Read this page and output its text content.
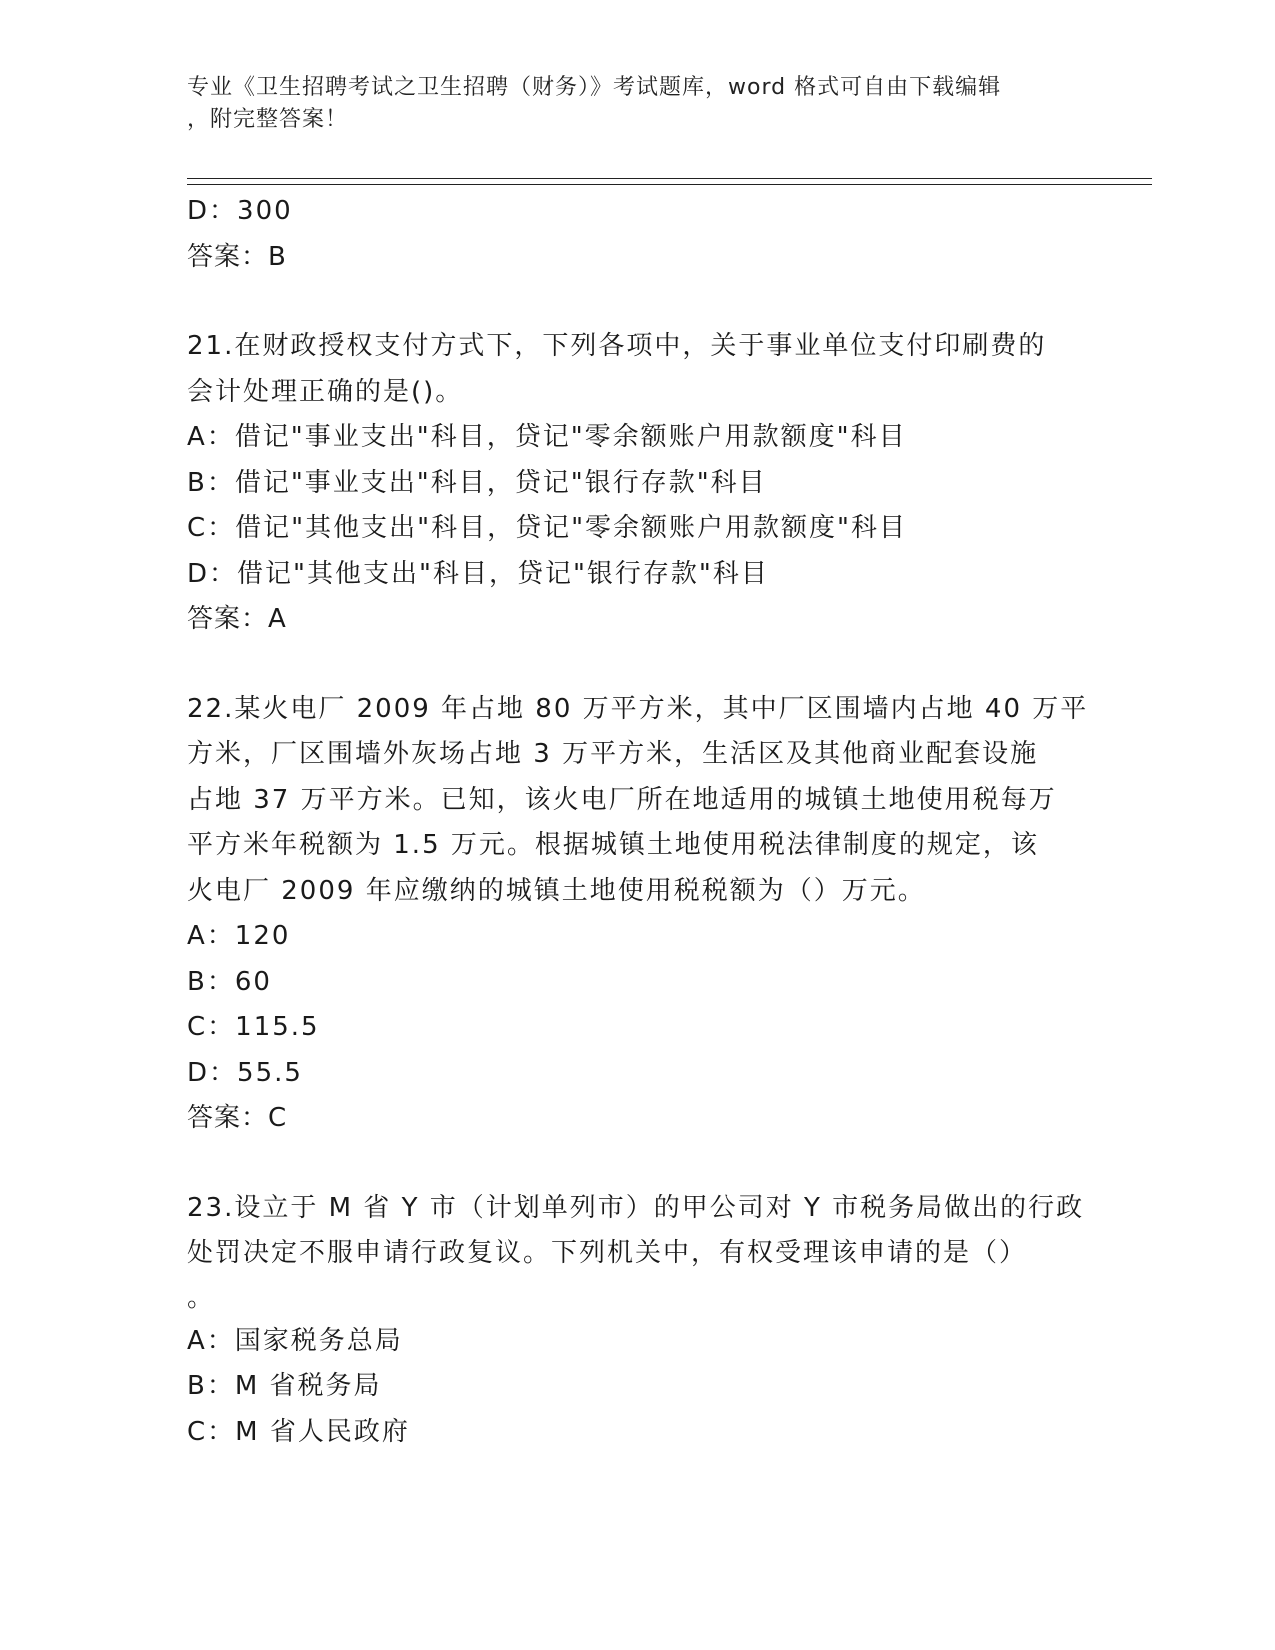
专业《卫生招聘考试之卫生招聘（财务）》考试题库，word 格式可自由下载编辑
，附完整答案！
D：300
答案：B
21.在财政授权支付方式下，下列各项中，关于事业单位支付印刷费的
会计处理正确的是()。
A：借记"事业支出"科目，贷记"零余额账户用款额度"科目
B：借记"事业支出"科目，贷记"银行存款"科目
C：借记"其他支出"科目，贷记"零余额账户用款额度"科目
D：借记"其他支出"科目，贷记"银行存款"科目
答案：A
22.某火电厂 2009 年占地 80 万平方米，其中厂区围墙内占地 40 万平
方米，厂区围墙外灰场占地 3 万平方米，生活区及其他商业配套设施
占地 37 万平方米。已知，该火电厂所在地适用的城镇土地使用税每万
平方米年税额为 1.5 万元。根据城镇土地使用税法律制度的规定，该
火电厂 2009 年应缴纳的城镇土地使用税税额为（）万元。
A：120
B：60
C：115.5
D：55.5
答案：C
23.设立于 M 省 Y 市（计划单列市）的甲公司对 Y 市税务局做出的行政
处罚决定不服申请行政复议。下列机关中，有权受理该申请的是（）
。
A：国家税务总局
B：M 省税务局
C：M 省人民政府
